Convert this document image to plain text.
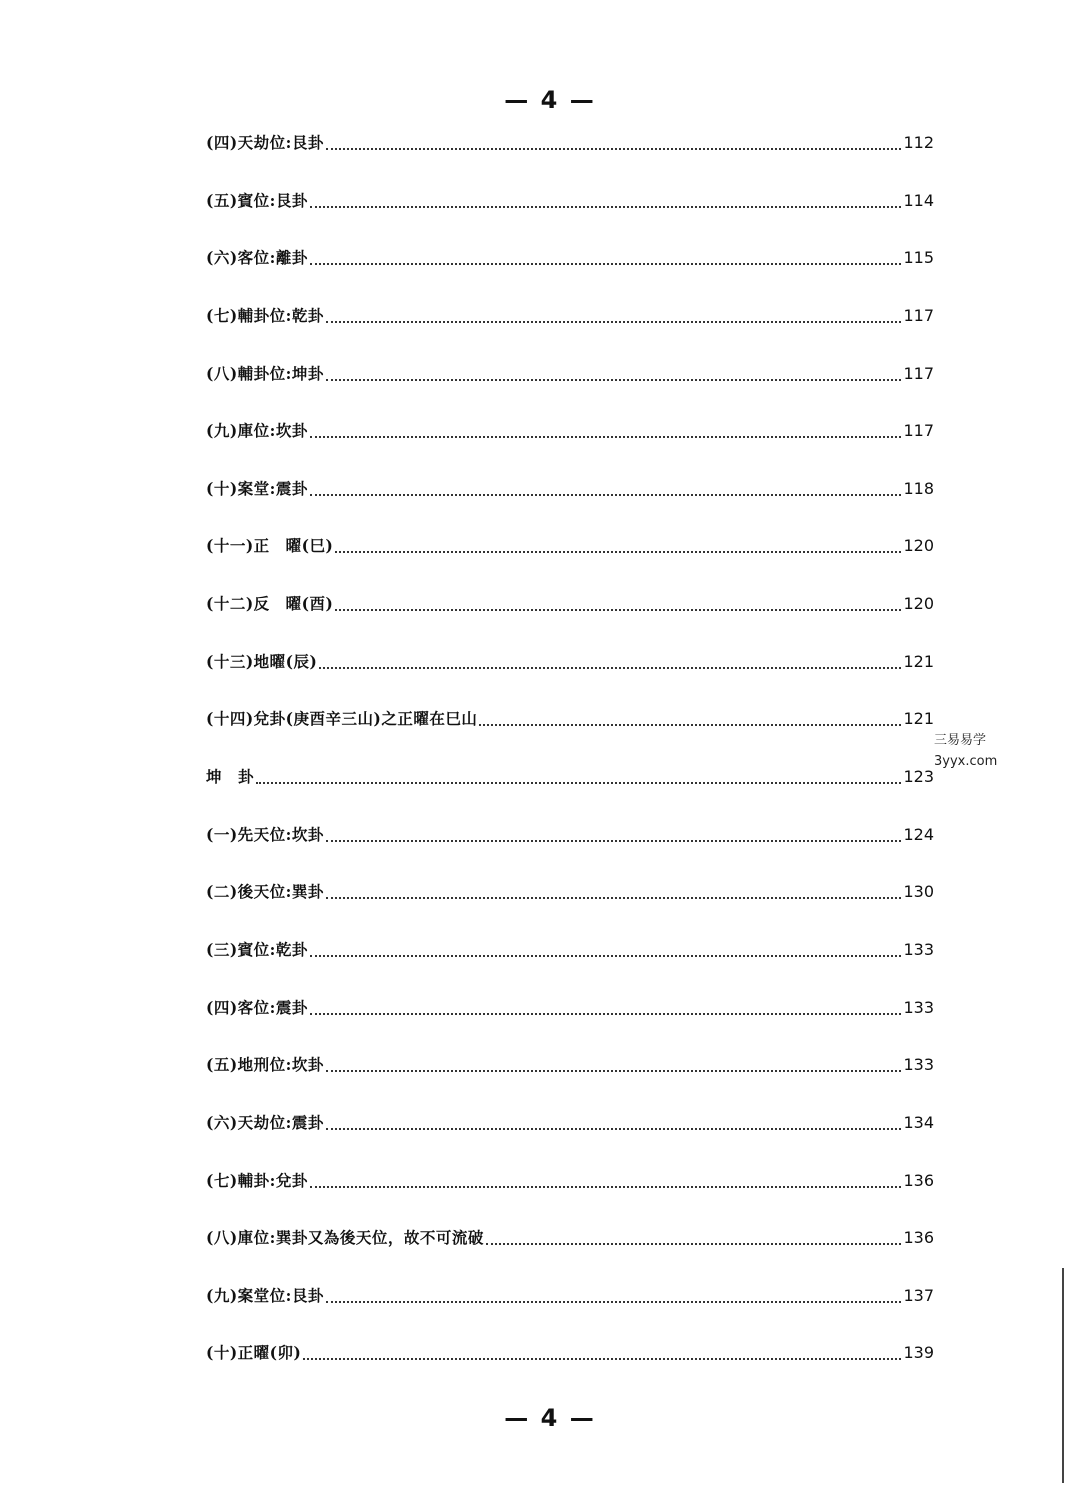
— 4 —
(四)天劫位:艮卦	112
(五)賓位:艮卦	114
(六)客位:離卦	115
(七)輔卦位:乾卦	117
(八)輔卦位:坤卦	117
(九)庫位:坎卦	117
(十)案堂:震卦	118
(十一)正　曜(巳)	120
(十二)反　曜(酉)	120
(十三)地曜(辰)	121
(十四)兌卦(庚酉辛三山)之正曜在巳山	121
坤　卦	123
(一)先天位:坎卦	124
(二)後天位:巽卦	130
(三)賓位:乾卦	133
(四)客位:震卦	133
(五)地刑位:坎卦	133
(六)天劫位:震卦	134
(七)輔卦:兌卦	136
(八)庫位:巽卦又為後天位，故不可流破	136
(九)案堂位:艮卦	137
(十)正曜(卯)	139
三易易学
3yyx.com
— 4 —
